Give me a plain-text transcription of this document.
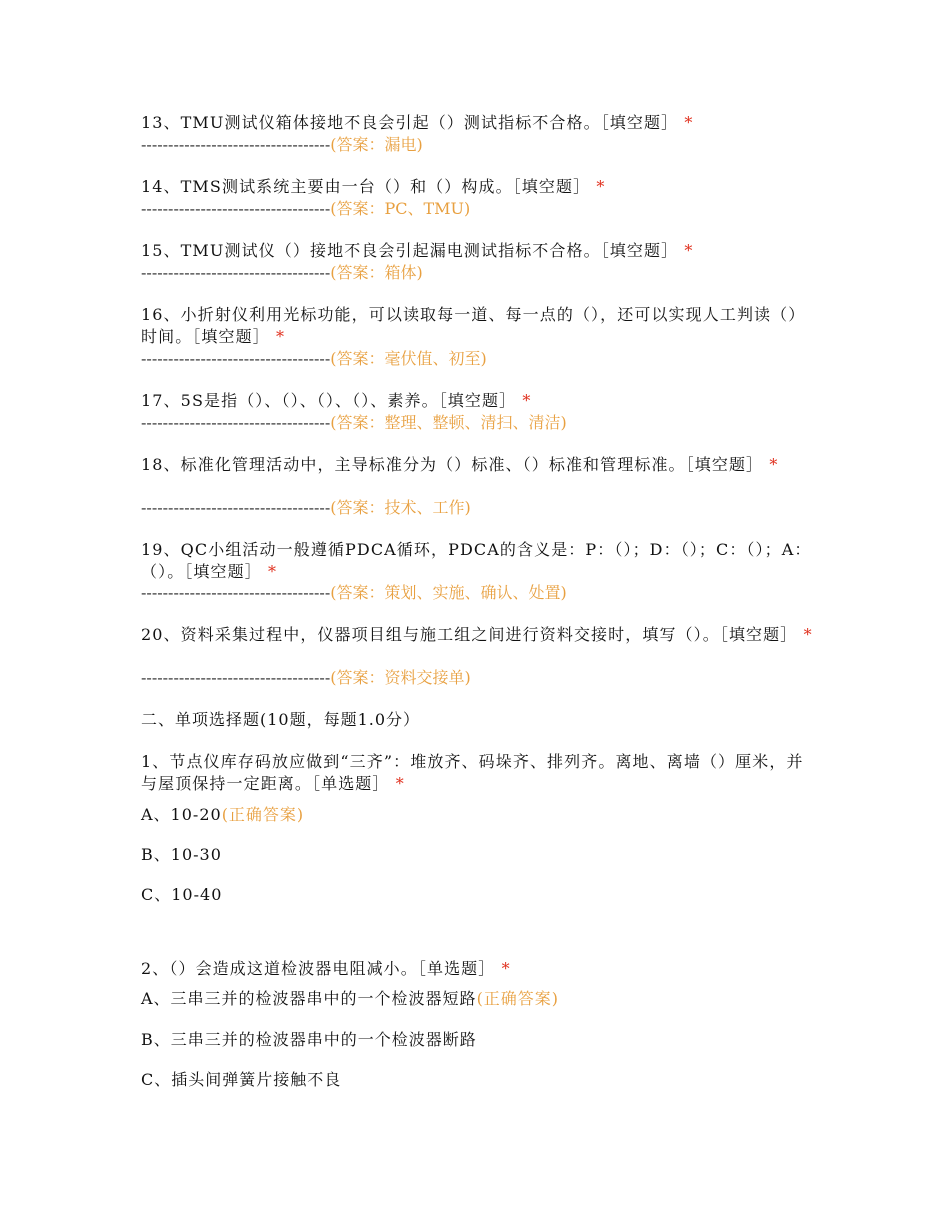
13、TMU测试仪箱体接地不良会引起（）测试指标不合格。［填空题］ *
-----------------------------------(答案：漏电)
14、TMS测试系统主要由一台（）和（）构成。［填空题］ *
-----------------------------------(答案：PC、TMU)
15、TMU测试仪（）接地不良会引起漏电测试指标不合格。［填空题］ *
-----------------------------------(答案：箱体)
16、小折射仪利用光标功能，可以读取每一道、每一点的（），还可以实现人工判读（）时间。［填空题］ *
-----------------------------------(答案：毫伏值、初至)
17、5S是指（）、（）、（）、（）、素养。［填空题］ *
-----------------------------------(答案：整理、整顿、清扫、清洁)
18、标准化管理活动中，主导标准分为（）标准、（）标准和管理标准。［填空题］ *
-----------------------------------(答案：技术、工作)
19、QC小组活动一般遵循PDCA循环，PDCA的含义是：P：（）；D：（）；C：（）；A：（）。［填空题］ *
-----------------------------------(答案：策划、实施、确认、处置)
20、资料采集过程中，仪器项目组与施工组之间进行资料交接时，填写（）。［填空题］ *
-----------------------------------(答案：资料交接单)
二、单项选择题(10题，每题1.0分）
1、节点仪库存码放应做到“三齐”：堆放齐、码垛齐、排列齐。离地、离墙（）厘米，并与屋顶保持一定距离。［单选题］ *
A、10-20(正确答案)
B、10-30
C、10-40
2、（）会造成这道检波器电阻减小。［单选题］ *
A、三串三并的检波器串中的一个检波器短路(正确答案)
B、三串三并的检波器串中的一个检波器断路
C、插头间弹簧片接触不良
